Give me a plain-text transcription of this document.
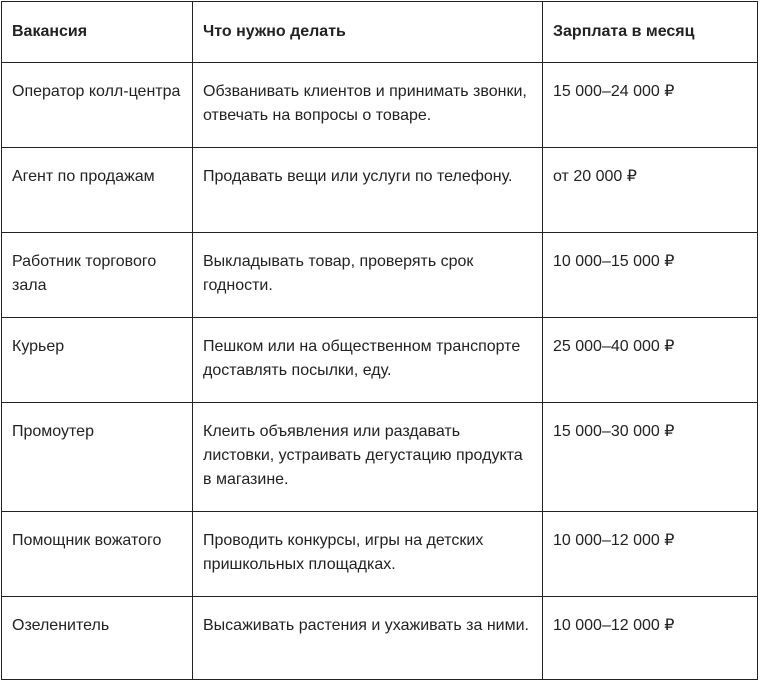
Вакансия	Что нужно делать	Зарплата в месяц
Оператор колл-центра	Обзванивать клиентов и принимать звонки, отвечать на вопросы о товаре.	15 000–24 000 ₽
Агент по продажам	Продавать вещи или услуги по телефону.	от 20 000 ₽
Работник торгового зала	Выкладывать товар, проверять срок годности.	10 000–15 000 ₽
Курьер	Пешком или на общественном транспорте доставлять посылки, еду.	25 000–40 000 ₽
Промоутер	Клеить объявления или раздавать листовки, устраивать дегустацию продукта в магазине.	15 000–30 000 ₽
Помощник вожатого	Проводить конкурсы, игры на детских пришкольных площадках.	10 000–12 000 ₽
Озеленитель	Высаживать растения и ухаживать за ними.	10 000–12 000 ₽
